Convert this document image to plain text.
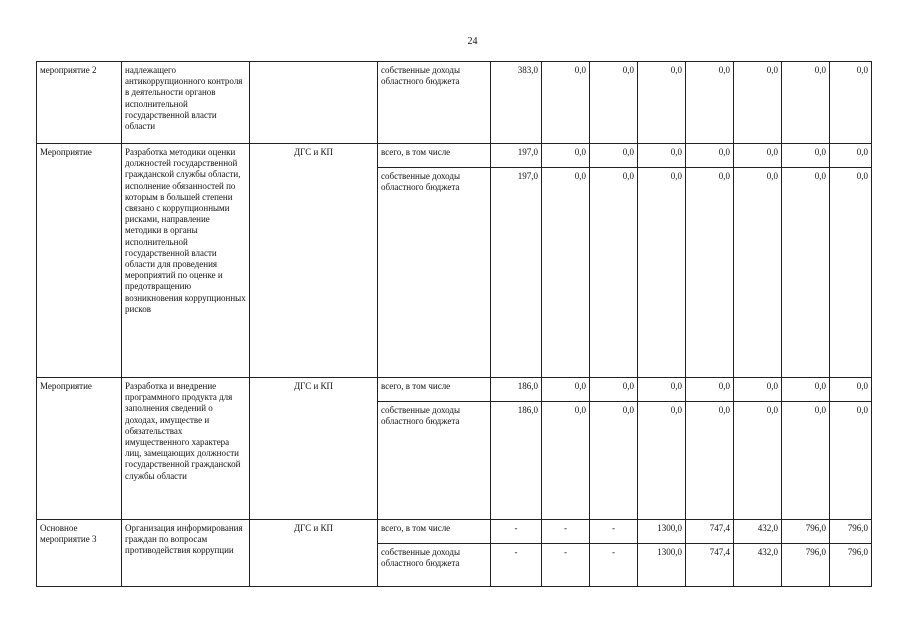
24
мероприятие 2	надлежащего антикоррупционного контроля в деятельности органов исполнительной государственной власти области		собственные доходы областного бюджета	383,0	0,0	0,0	0,0	0,0	0,0	0,0	0,0
Мероприятие	Разработка методики оценки должностей государственной гражданской службы области, исполнение обязанностей по которым в большей степени связано с коррупционными рисками, направление методики в органы исполнительной государственной власти области для проведения мероприятий по оценке и предотвращению возникновения коррупционных рисков	ДГС и КП	всего, в том числе	197,0	0,0	0,0	0,0	0,0	0,0	0,0	0,0
			собственные доходы областного бюджета	197,0	0,0	0,0	0,0	0,0	0,0	0,0	0,0
Мероприятие	Разработка и внедрение программного продукта для заполнения сведений о доходах, имуществе и обязательствах имущественного характера лиц, замещающих должности государственной гражданской службы области	ДГС и КП	всего, в том числе	186,0	0,0	0,0	0,0	0,0	0,0	0,0	0,0
			собственные доходы областного бюджета	186,0	0,0	0,0	0,0	0,0	0,0	0,0	0,0
Основное мероприятие 3	Организация информирования граждан по вопросам противодействия коррупции	ДГС и КП	всего, в том числе	-	-	-	1300,0	747,4	432,0	796,0	796,0
			собственные доходы областного бюджета	-	-	-	1300,0	747,4	432,0	796,0	796,0
